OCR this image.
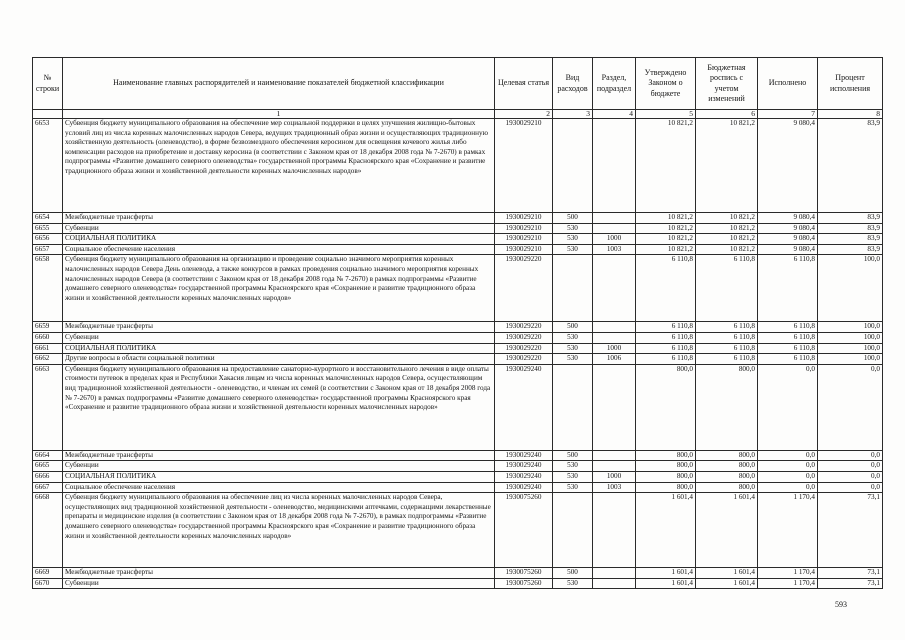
№ строки	Наименование главных распорядителей и наименование показателей бюджетной классификации	Целевая статья	Вид расходов	Раздел, подраздел	Утверждено Законом о бюджете	Бюджетная роспись с учетом изменений	Исполнено	Процент исполнения
	1	2	3	4	5	6	7	8
6653	Субвенция бюджету муниципального образования на обеспечение мер социальной поддержки в целях улучшения жилищно-бытовых условий лиц из числа коренных малочисленных народов Севера, ведущих традиционный образ жизни и осуществляющих традиционную хозяйственную деятельность (оленеводство), в форме безвозмездного обеспечения керосином для освещения кочевого жилья либо компенсации расходов на приобретение и доставку керосина (в соответствии с Законом края от 18 декабря 2008 года № 7-2670) в рамках подпрограммы «Развитие домашнего северного оленеводства» государственной программы Красноярского края «Сохранение и развитие традиционного образа жизни и хозяйственной деятельности коренных малочисленных народов»	1930029210			10 821,2	10 821,2	9 080,4	83,9
6654	Межбюджетные трансферты	1930029210	500		10 821,2	10 821,2	9 080,4	83,9
6655	Субвенции	1930029210	530		10 821,2	10 821,2	9 080,4	83,9
6656	СОЦИАЛЬНАЯ ПОЛИТИКА	1930029210	530	1000	10 821,2	10 821,2	9 080,4	83,9
6657	Социальное обеспечение населения	1930029210	530	1003	10 821,2	10 821,2	9 080,4	83,9
6658	Субвенция бюджету муниципального образования на организацию и проведение социально значимого мероприятия коренных малочисленных народов Севера День оленевода, а также конкурсов в рамках проведения социально значимого мероприятия коренных малочисленных народов Севера (в соответствии с Законом края от 18 декабря 2008 года № 7-2670) в рамках подпрограммы «Развитие домашнего северного оленеводства» государственной программы Красноярского края «Сохранение и развитие традиционного образа жизни и хозяйственной деятельности коренных малочисленных народов»	1930029220			6 110,8	6 110,8	6 110,8	100,0
6659	Межбюджетные трансферты	1930029220	500		6 110,8	6 110,8	6 110,8	100,0
6660	Субвенции	1930029220	530		6 110,8	6 110,8	6 110,8	100,0
6661	СОЦИАЛЬНАЯ ПОЛИТИКА	1930029220	530	1000	6 110,8	6 110,8	6 110,8	100,0
6662	Другие вопросы в области социальной политики	1930029220	530	1006	6 110,8	6 110,8	6 110,8	100,0
6663	Субвенция бюджету муниципального образования на предоставление санаторно-курортного и восстановительного лечения в виде оплаты стоимости путевок в пределах края и Республики Хакасия лицам из числа коренных малочисленных народов Севера, осуществляющим вид традиционной хозяйственной деятельности - оленеводство, и членам их семей (в соответствии с Законом края от 18 декабря 2008 года № 7-2670) в рамках подпрограммы «Развитие домашнего северного оленеводства» государственной программы Красноярского края «Сохранение и развитие традиционного образа жизни и хозяйственной деятельности коренных малочисленных народов»	1930029240			800,0	800,0	0,0	0,0
6664	Межбюджетные трансферты	1930029240	500		800,0	800,0	0,0	0,0
6665	Субвенции	1930029240	530		800,0	800,0	0,0	0,0
6666	СОЦИАЛЬНАЯ ПОЛИТИКА	1930029240	530	1000	800,0	800,0	0,0	0,0
6667	Социальное обеспечение населения	1930029240	530	1003	800,0	800,0	0,0	0,0
6668	Субвенция бюджету муниципального образования на обеспечение лиц из числа коренных малочисленных народов Севера, осуществляющих вид традиционной хозяйственной деятельности - оленеводство, медицинскими аптечками, содержащими лекарственные препараты и медицинские изделия (в соответствии с Законом края от 18 декабря 2008 года № 7-2670), в рамках подпрограммы «Развитие домашнего северного оленеводства» государственной программы Красноярского края «Сохранение и развитие традиционного образа жизни и хозяйственной деятельности коренных малочисленных народов»	1930075260			1 601,4	1 601,4	1 170,4	73,1
6669	Межбюджетные трансферты	1930075260	500		1 601,4	1 601,4	1 170,4	73,1
6670	Субвенции	1930075260	530		1 601,4	1 601,4	1 170,4	73,1
593
